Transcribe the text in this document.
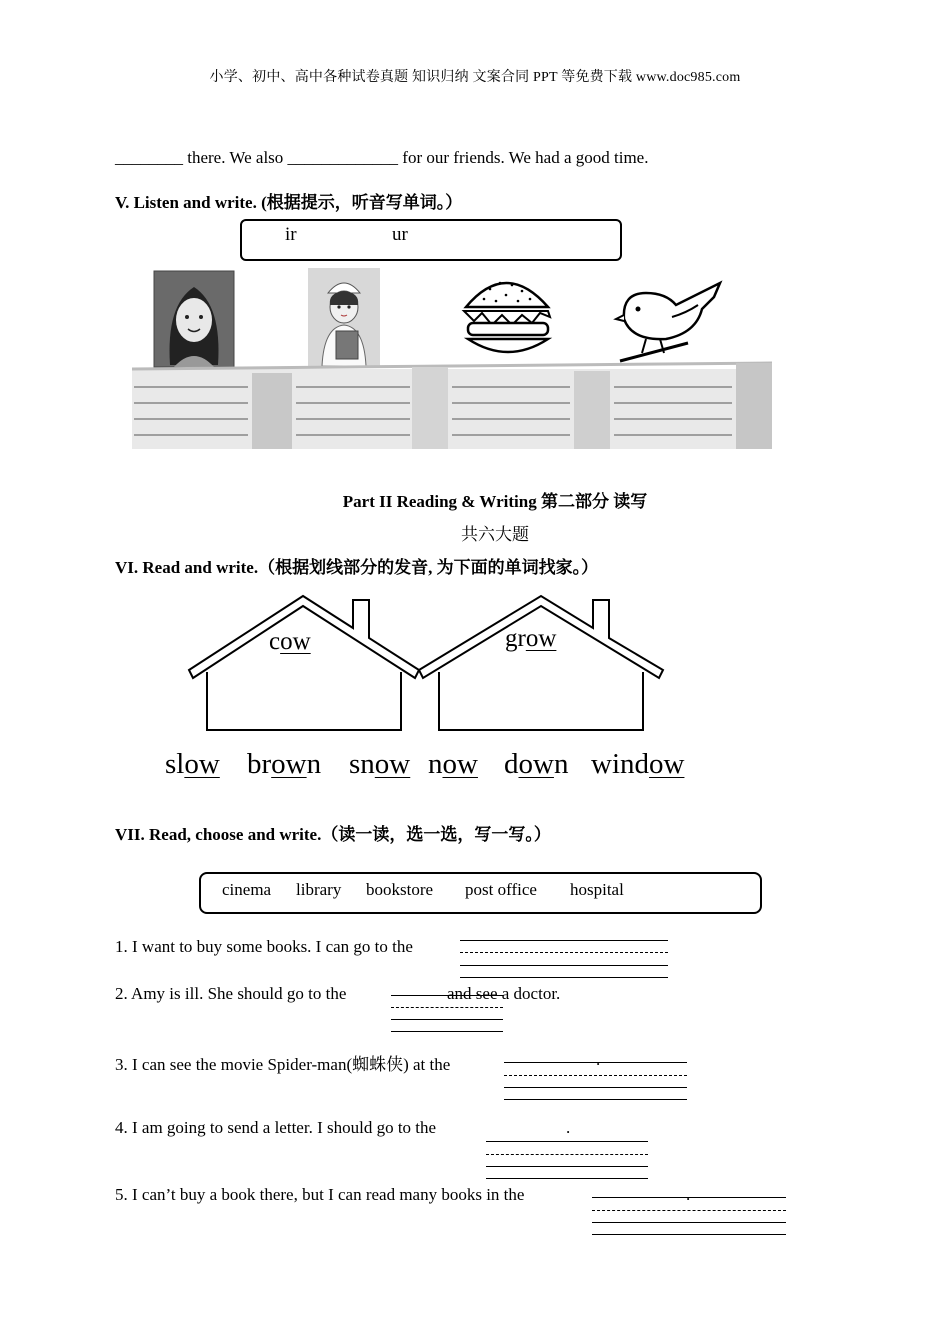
小学、初中、高中各种试卷真题 知识归纳 文案合同 PPT 等免费下载 www.doc985.com
________ there. We also _____________ for our friends. We had a good time.
V. Listen and write. (根据提示，听音写单词。）
ir	ur
Part II Reading & Writing 第二部分 读写
共六大题
VI. Read and write.（根据划线部分的发音, 为下面的单词找家。）
cow	grow
slow brown snow now down window
VII. Read, choose and write.（读一读，选一选，写一写。）
cinema library bookstore post office hospital
1. I want to buy some books. I can go to the
2. Amy is ill. She should go to the	and see a doctor.
3. I can see the movie Spider-man(蜘蛛侠) at the	.
4. I am going to send a letter. I should go to the	.
5. I can’t buy a book there, but I can read many books in the	.
